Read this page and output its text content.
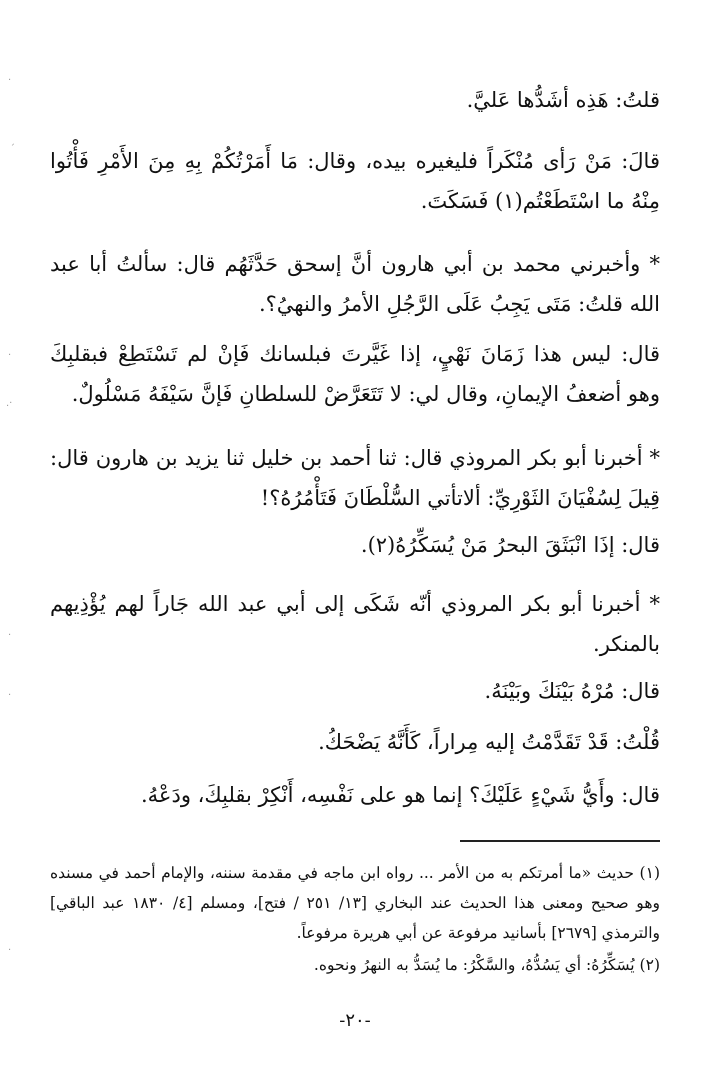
قلتُ: هَذِه أشَدُّها عَليَّ.
قالَ: مَنْ رَأى مُنْكَراً فليغيره بيده، وقال: مَا أَمَرْتُكُمْ بِهِ مِنَ الأَمْرِ فَأْتُوا مِنْهُ ما اسْتَطَعْتُم(١) فَسَكَتَ.
* وأخبرني محمد بن أبي هارون أنَّ إسحق حَدَّثَهُم قال: سألتُ أبا عبد الله قلتُ: مَتَى يَجِبُ عَلَى الرَّجُلِ الأمرُ والنهيُ؟.
قال: ليس هذا زَمَانَ نَهْيٍ، إذا غَيَّرتَ فبلسانك فَإنْ لم تَسْتَطِعْ فبقلبِكَ وهو أضعفُ الإيمانِ، وقال لي: لا تَتَعَرَّضْ للسلطانِ فَإنَّ سَيْفَهُ مَسْلُولٌ.
* أخبرنا أبو بكر المروذي قال: ثنا أحمد بن خليل ثنا يزيد بن هارون قال: قِيلَ لِسُفْيَانَ الثَوْرِيِّ: ألاتأتي السُّلْطَانَ فَتَأْمُرُهُ؟!
قال: إذَا انْبَثَقَ البحرُ مَنْ يُسَكِّرُهُ(٢).
* أخبرنا أبو بكر المروذي أنّه شَكَى إلى أبي عبد الله جَاراً لهم يُؤْذِيهم بالمنكر.
قال: مُرْهُ بَيْنَكَ وبَيْنَهُ.
قُلْتُ: قَدْ تَقَدَّمْتُ إليه مِراراً، كَأَنَّهُ يَضْحَكُ.
قال: وأَيُّ شَيْءٍ عَلَيْكَ؟ إنما هو على نَفْسِه، أَنْكِرْ بقلبِكَ، ودَعْهُ.
(١) حديث «ما أمرتكم به من الأمر ... رواه ابن ماجه في مقدمة سننه، والإمام أحمد في مسنده وهو صحيح ومعنى هذا الحديث عند البخاري [١٣/ ٢٥١ / فتح]، ومسلم [٤/ ١٨٣٠ عبد الباقي] والترمذي [٢٦٧٩] بأسانيد مرفوعة عن أبي هريرة مرفوعاً.
(٢) يُسَكِّرُهُ: أي يَسُدُّهُ، والسَّكْرُ: ما يُسَدُّ به النهرُ ونحوه.
-٢٠-
·
ˏ
·
.·
·
·
·
